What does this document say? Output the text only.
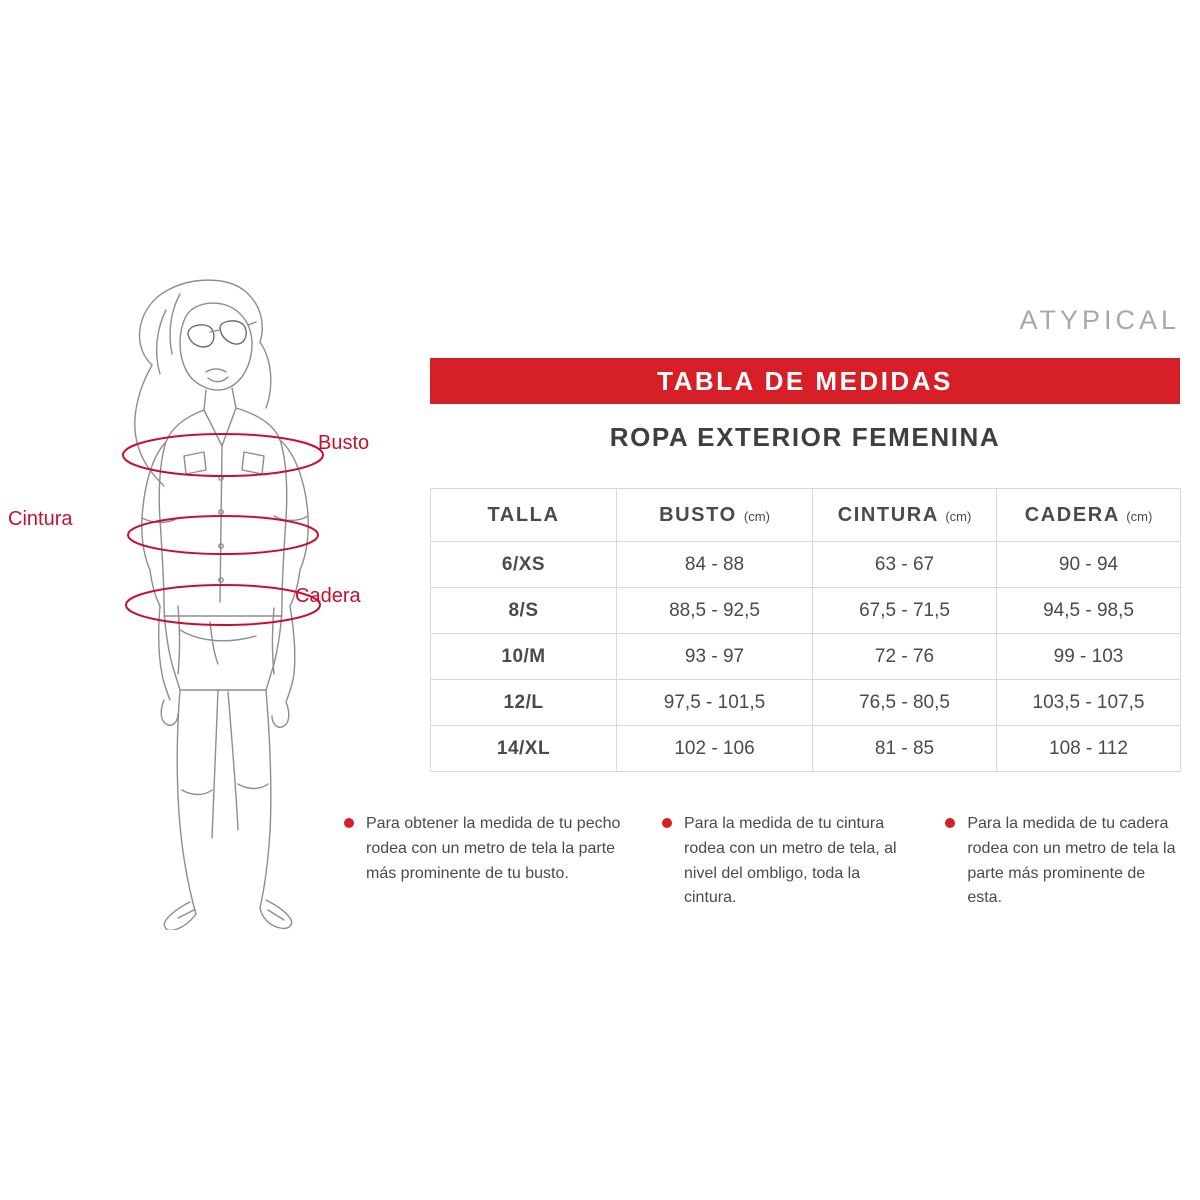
ATYPICAL
Busto
Cintura
Cadera
TABLA DE MEDIDAS
ROPA EXTERIOR FEMENINA
TALLA	BUSTO (cm)	CINTURA (cm)	CADERA (cm)
6/XS	84 - 88	63 - 67	90 - 94
8/S	88,5 - 92,5	67,5 - 71,5	94,5 - 98,5
10/M	93 - 97	72 - 76	99 - 103
12/L	97,5 - 101,5	76,5 - 80,5	103,5 - 107,5
14/XL	102 - 106	81 - 85	108 - 112
Para obtener la medida de tu pecho rodea con un metro de tela la parte más prominente de tu busto.
Para la medida de tu cintura rodea con un metro de tela, al nivel del ombligo, toda la cintura.
Para la medida de tu cadera rodea con un metro de tela la parte más prominente de esta.
